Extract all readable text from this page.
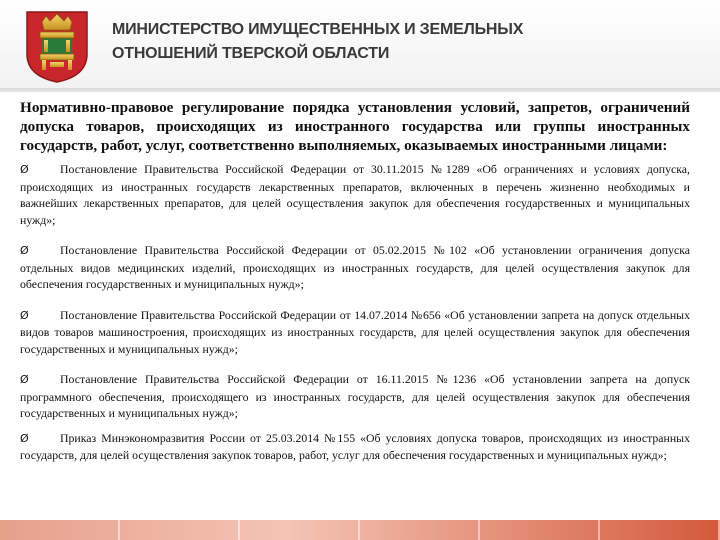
МИНИСТЕРСТВО ИМУЩЕСТВЕННЫХ И ЗЕМЕЛЬНЫХ ОТНОШЕНИЙ ТВЕРСКОЙ ОБЛАСТИ

Нормативно-правовое регулирование порядка установления условий, запретов, ограничений допуска товаров, происходящих из иностранного государства или группы иностранных государств, работ, услуг, соответственно выполняемых, оказываемых иностранными лицами:

Ø	Постановление Правительства Российской Федерации от 30.11.2015 №1289 «Об ограничениях и условиях допуска, происходящих из иностранных государств лекарственных препаратов, включенных в перечень жизненно необходимых и важнейших лекарственных препаратов, для целей осуществления закупок для обеспечения государственных и муниципальных нужд»;

Ø	Постановление Правительства Российской Федерации от 05.02.2015 №102 «Об установлении ограничения допуска отдельных видов медицинских изделий, происходящих из иностранных государств, для целей осуществления закупок для обеспечения государственных и муниципальных нужд»;

Ø	Постановление Правительства Российской Федерации от 14.07.2014 №656 «Об установлении запрета на допуск отдельных видов товаров машиностроения, происходящих из иностранных государств, для целей осуществления закупок для обеспечения государственных и муниципальных нужд»;

Ø	Постановление Правительства Российской Федерации от 16.11.2015 №1236 «Об установлении запрета на допуск программного обеспечения, происходящего из иностранных государств, для целей осуществления закупок для обеспечения государственных и муниципальных нужд»;

Ø	Приказ Минэкономразвития России от 25.03.2014 №155 «Об условиях допуска товаров, происходящих из иностранных государств, для целей осуществления закупок товаров, работ, услуг для обеспечения государственных и муниципальных нужд»;
